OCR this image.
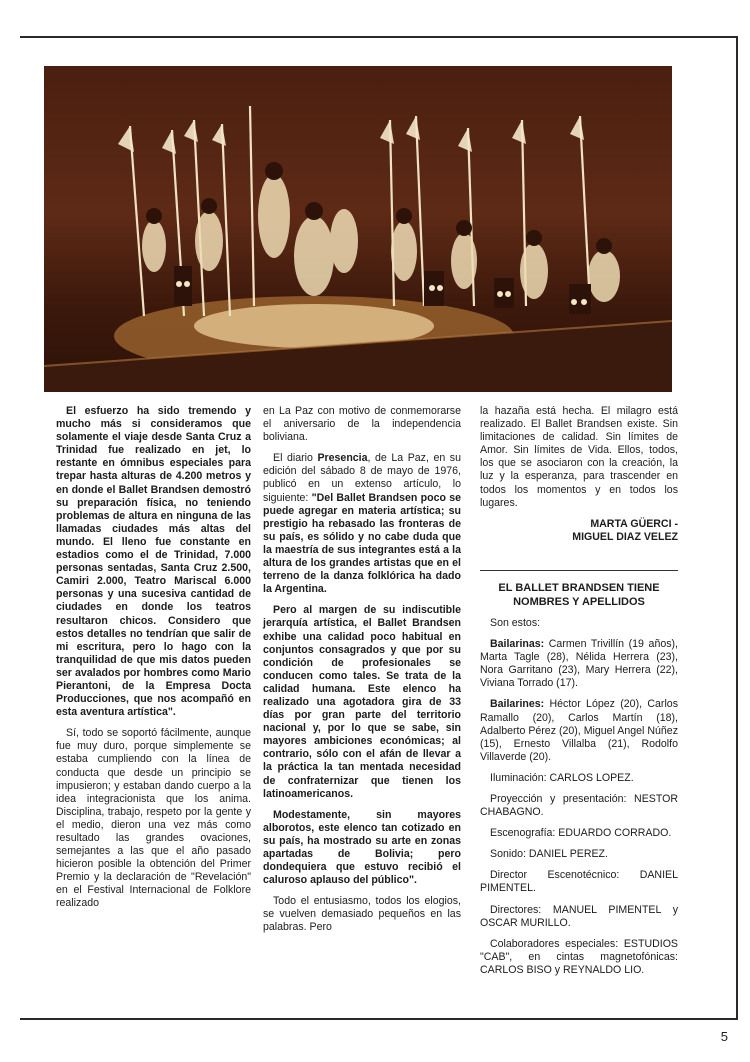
El esfuerzo ha sido tremendo y mucho más si consideramos que solamente el viaje desde Santa Cruz a Trinidad fue realizado en jet, lo restante en ómnibus especiales para trepar hasta alturas de 4.200 metros y en donde el Ballet Brandsen demostró su preparación física, no teniendo problemas de altura en ninguna de las llamadas ciudades más altas del mundo. El lleno fue constante en estadios como el de Trinidad, 7.000 personas sentadas, Santa Cruz 2.500, Camiri 2.000, Teatro Mariscal 6.000 personas y una sucesiva cantidad de ciudades en donde los teatros resultaron chicos. Considero que estos detalles no tendrían que salir de mi escritura, pero lo hago con la tranquilidad de que mis datos pueden ser avalados por hombres como Mario Pierantoni, de la Empresa Docta Producciones, que nos acompañó en esta aventura artística".

Sí, todo se soportó fácilmente, aunque fue muy duro, porque simplemente se estaba cumpliendo con la línea de conducta que desde un principio se impusieron; y estaban dando cuerpo a la idea integracionista que los anima. Disciplina, trabajo, respeto por la gente y el medio, dieron una vez más como resultado las grandes ovaciones, semejantes a las que el año pasado hicieron posible la obtención del Primer Premio y la declaración de "Revelación" en el Festival Internacional de Folklore realizado

en La Paz con motivo de conmemorarse el aniversario de la independencia boliviana.

El diario Presencia, de La Paz, en su edición del sábado 8 de mayo de 1976, publicó en un extenso artículo, lo siguiente: "Del Ballet Brandsen poco se puede agregar en materia artística; su prestigio ha rebasado las fronteras de su país, es sólido y no cabe duda que la maestría de sus integrantes está a la altura de los grandes artistas que en el terreno de la danza folklórica ha dado la Argentina.

Pero al margen de su indiscutible jerarquía artística, el Ballet Brandsen exhibe una calidad poco habitual en conjuntos consagrados y que por su condición de profesionales se conducen como tales. Se trata de la calidad humana. Este elenco ha realizado una agotadora gira de 33 días por gran parte del territorio nacional y, por lo que se sabe, sin mayores ambiciones económicas; al contrario, sólo con el afán de llevar a la práctica la tan mentada necesidad de confraternizar que tienen los latinoamericanos.

Modestamente, sin mayores alborotos, este elenco tan cotizado en su país, ha mostrado su arte en zonas apartadas de Bolivia; pero dondequiera que estuvo recibió el caluroso aplauso del público".

Todo el entusiasmo, todos los elogios, se vuelven demasiado pequeños en las palabras. Pero

la hazaña está hecha. El milagro está realizado. El Ballet Brandsen existe. Sin limitaciones de calidad. Sin límites de Amor. Sin límites de Vida. Ellos, todos, los que se asociaron con la creación, la luz y la esperanza, para trascender en todos los momentos y en todos los lugares.

MARTA GÜERCI -
MIGUEL DIAZ VELEZ

EL BALLET BRANDSEN TIENE NOMBRES Y APELLIDOS

Son estos:

Bailarinas: Carmen Trivillín (19 años), Marta Tagle (28), Nélida Herrera (23), Nora Garritano (23), Mary Herrera (22), Viviana Torrado (17).

Bailarines: Héctor López (20), Carlos Ramallo (20), Carlos Martín (18), Adalberto Pérez (20), Miguel Angel Núñez (15), Ernesto Villalba (21), Rodolfo Villaverde (20).

Iluminación: CARLOS LOPEZ.

Proyección y presentación: NESTOR CHABAGNO.

Escenografía: EDUARDO CORRADO.

Sonido: DANIEL PEREZ.

Director Escenotécnico: DANIEL PIMENTEL.

Directores: MANUEL PIMENTEL y OSCAR MURILLO.

Colaboradores especiales: ESTUDIOS "CAB", en cintas magnetofónicas: CARLOS BISO y REYNALDO LIO.

5
